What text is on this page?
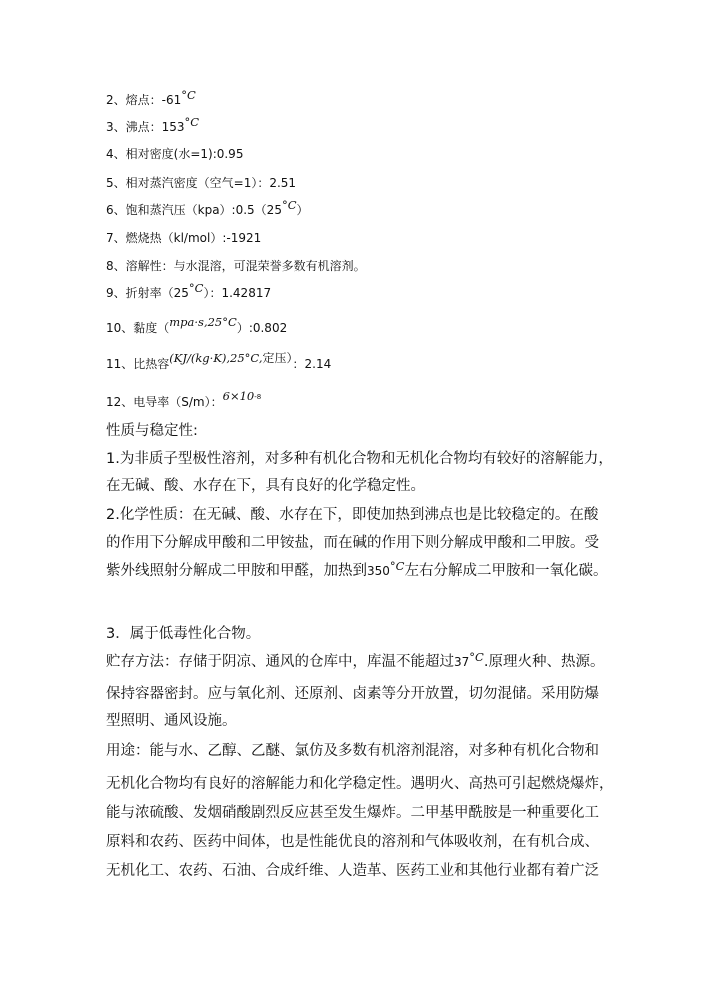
2、熔点：-61°C
3、沸点：153°C
4、相对密度(水=1):0.95
5、相对蒸汽密度（空气=1）：2.51
6、饱和蒸汽压（kpa）:0.5（25°C）
7、燃烧热（kl/mol）:-1921
8、溶解性：与水混溶，可混荣誉多数有机溶剂。
9、折射率（25°C）：1.42817
10、黏度（mpa·s,25°C）:0.802
11、比热容(KJ/(kg·K),25°C,定压）：2.14
12、电导率（S/m）：$6\times 10^{-8}$
性质与稳定性:
1.为非质子型极性溶剂，对多种有机化合物和无机化合物均有较好的溶解能力，
在无碱、酸、水存在下，具有良好的化学稳定性。
2.化学性质：在无碱、酸、水存在下，即使加热到沸点也是比较稳定的。在酸
的作用下分解成甲酸和二甲铵盐，而在碱的作用下则分解成甲酸和二甲胺。受
紫外线照射分解成二甲胺和甲醛，加热到$350^{^\circ C}$左右分解成二甲胺和一氧化碳。
3．属于低毒性化合物。
贮存方法：存储于阴凉、通风的仓库中，库温不能超过$37^{^\circ C}$.原理火种、热源。
保持容器密封。应与氧化剂、还原剂、卤素等分开放置，切勿混储。采用防爆
型照明、通风设施。
用途：能与水、乙醇、乙醚、氯仿及多数有机溶剂混溶，对多种有机化合物和
无机化合物均有良好的溶解能力和化学稳定性。遇明火、高热可引起燃烧爆炸，
能与浓硫酸、发烟硝酸剧烈反应甚至发生爆炸。二甲基甲酰胺是一种重要化工
原料和农药、医药中间体，也是性能优良的溶剂和气体吸收剂，在有机合成、
无机化工、农药、石油、合成纤维、人造革、医药工业和其他行业都有着广泛
